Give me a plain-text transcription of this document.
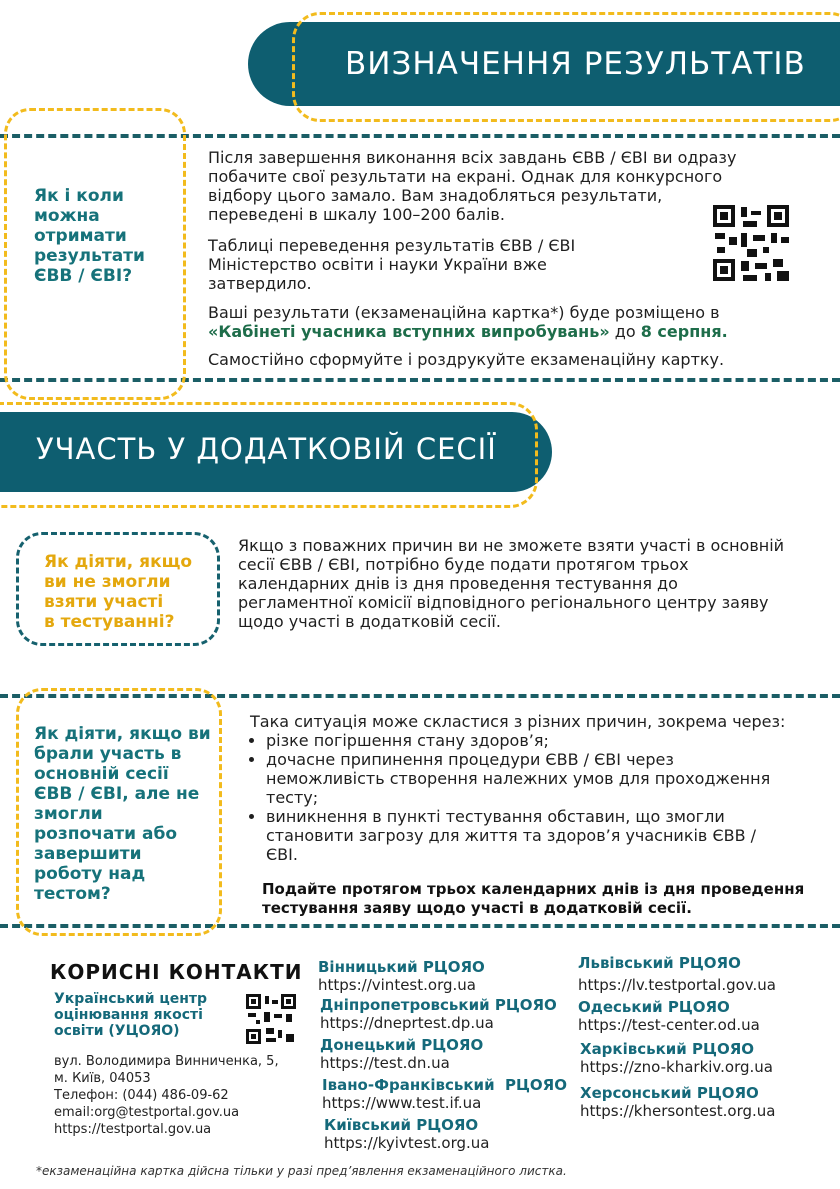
ВИЗНАЧЕННЯ РЕЗУЛЬТАТІВ
Як і коли
можна
отримати
результати
ЄВВ / ЄВІ?
Після завершення виконання всіх завдань ЄВВ / ЄВІ ви одразу
побачите свої результати на екрані. Однак для конкурсного
відбору цього замало. Вам знадобляться результати,
переведені в шкалу 100–200 балів.
Таблиці переведення результатів ЄВВ / ЄВІ
Міністерство освіти і науки України вже
затвердило.
Ваші результати (екзаменаційна картка*) буде розміщено в
«Кабінеті учасника вступних випробувань» до 8 серпня.
Самостійно сформуйте і роздрукуйте екзаменаційну картку.
УЧАСТЬ У ДОДАТКОВІЙ СЕСІЇ
Як діяти, якщо
ви не змогли
взяти участі
в тестуванні?
Якщо з поважних причин ви не зможете взяти участі в основній
сесії ЄВВ / ЄВІ, потрібно буде подати протягом трьох
календарних днів із дня проведення тестування до
регламентної комісії відповідного регіонального центру заяву
щодо участі в додатковій сесії.
Як діяти, якщо ви
брали участь в
основній сесії
ЄВВ / ЄВІ, але не
змогли
розпочати або
завершити
роботу над
тестом?

Така ситуація може скластися з різних причин, зокрема через:

• різке погіршення стану здоров’я;
• дочасне припинення процедури ЄВВ / ЄВІ через
неможливість створення належних умов для проходження
тесту;
• виникнення в пункті тестування обставин, що змогли
становити загрозу для життя та здоров’я учасників ЄВВ /
ЄВІ.
Подайте протягом трьох календарних днів із дня проведення
тестування заяву щодо участі в додатковій сесії.
КОРИСНІ КОНТАКТИ
Український центр
оцінювання якості
освіти (УЦОЯО)
вул. Володимира Винниченка, 5,
м. Київ, 04053
Телефон: (044) 486-09-62
email:org@testportal.gov.ua
https://testportal.gov.ua
Вінницький РЦОЯО
https://vintest.org.ua
Дніпропетровський РЦОЯО
https://dneprtest.dp.ua
Донецький РЦОЯО
https://test.dn.ua
Івано-Франківський  РЦОЯО
https://www.test.if.ua
Київський РЦОЯО
https://kyivtest.org.ua
Львівський РЦОЯО
https://lv.testportal.gov.ua
Одеський РЦОЯО
https://test-center.od.ua
Харківський РЦОЯО
https://zno-kharkiv.org.ua
Херсонський РЦОЯО
https://khersontest.org.ua
*екзаменаційна картка дійсна тільки у разі пред’явлення екзаменаційного листка.
